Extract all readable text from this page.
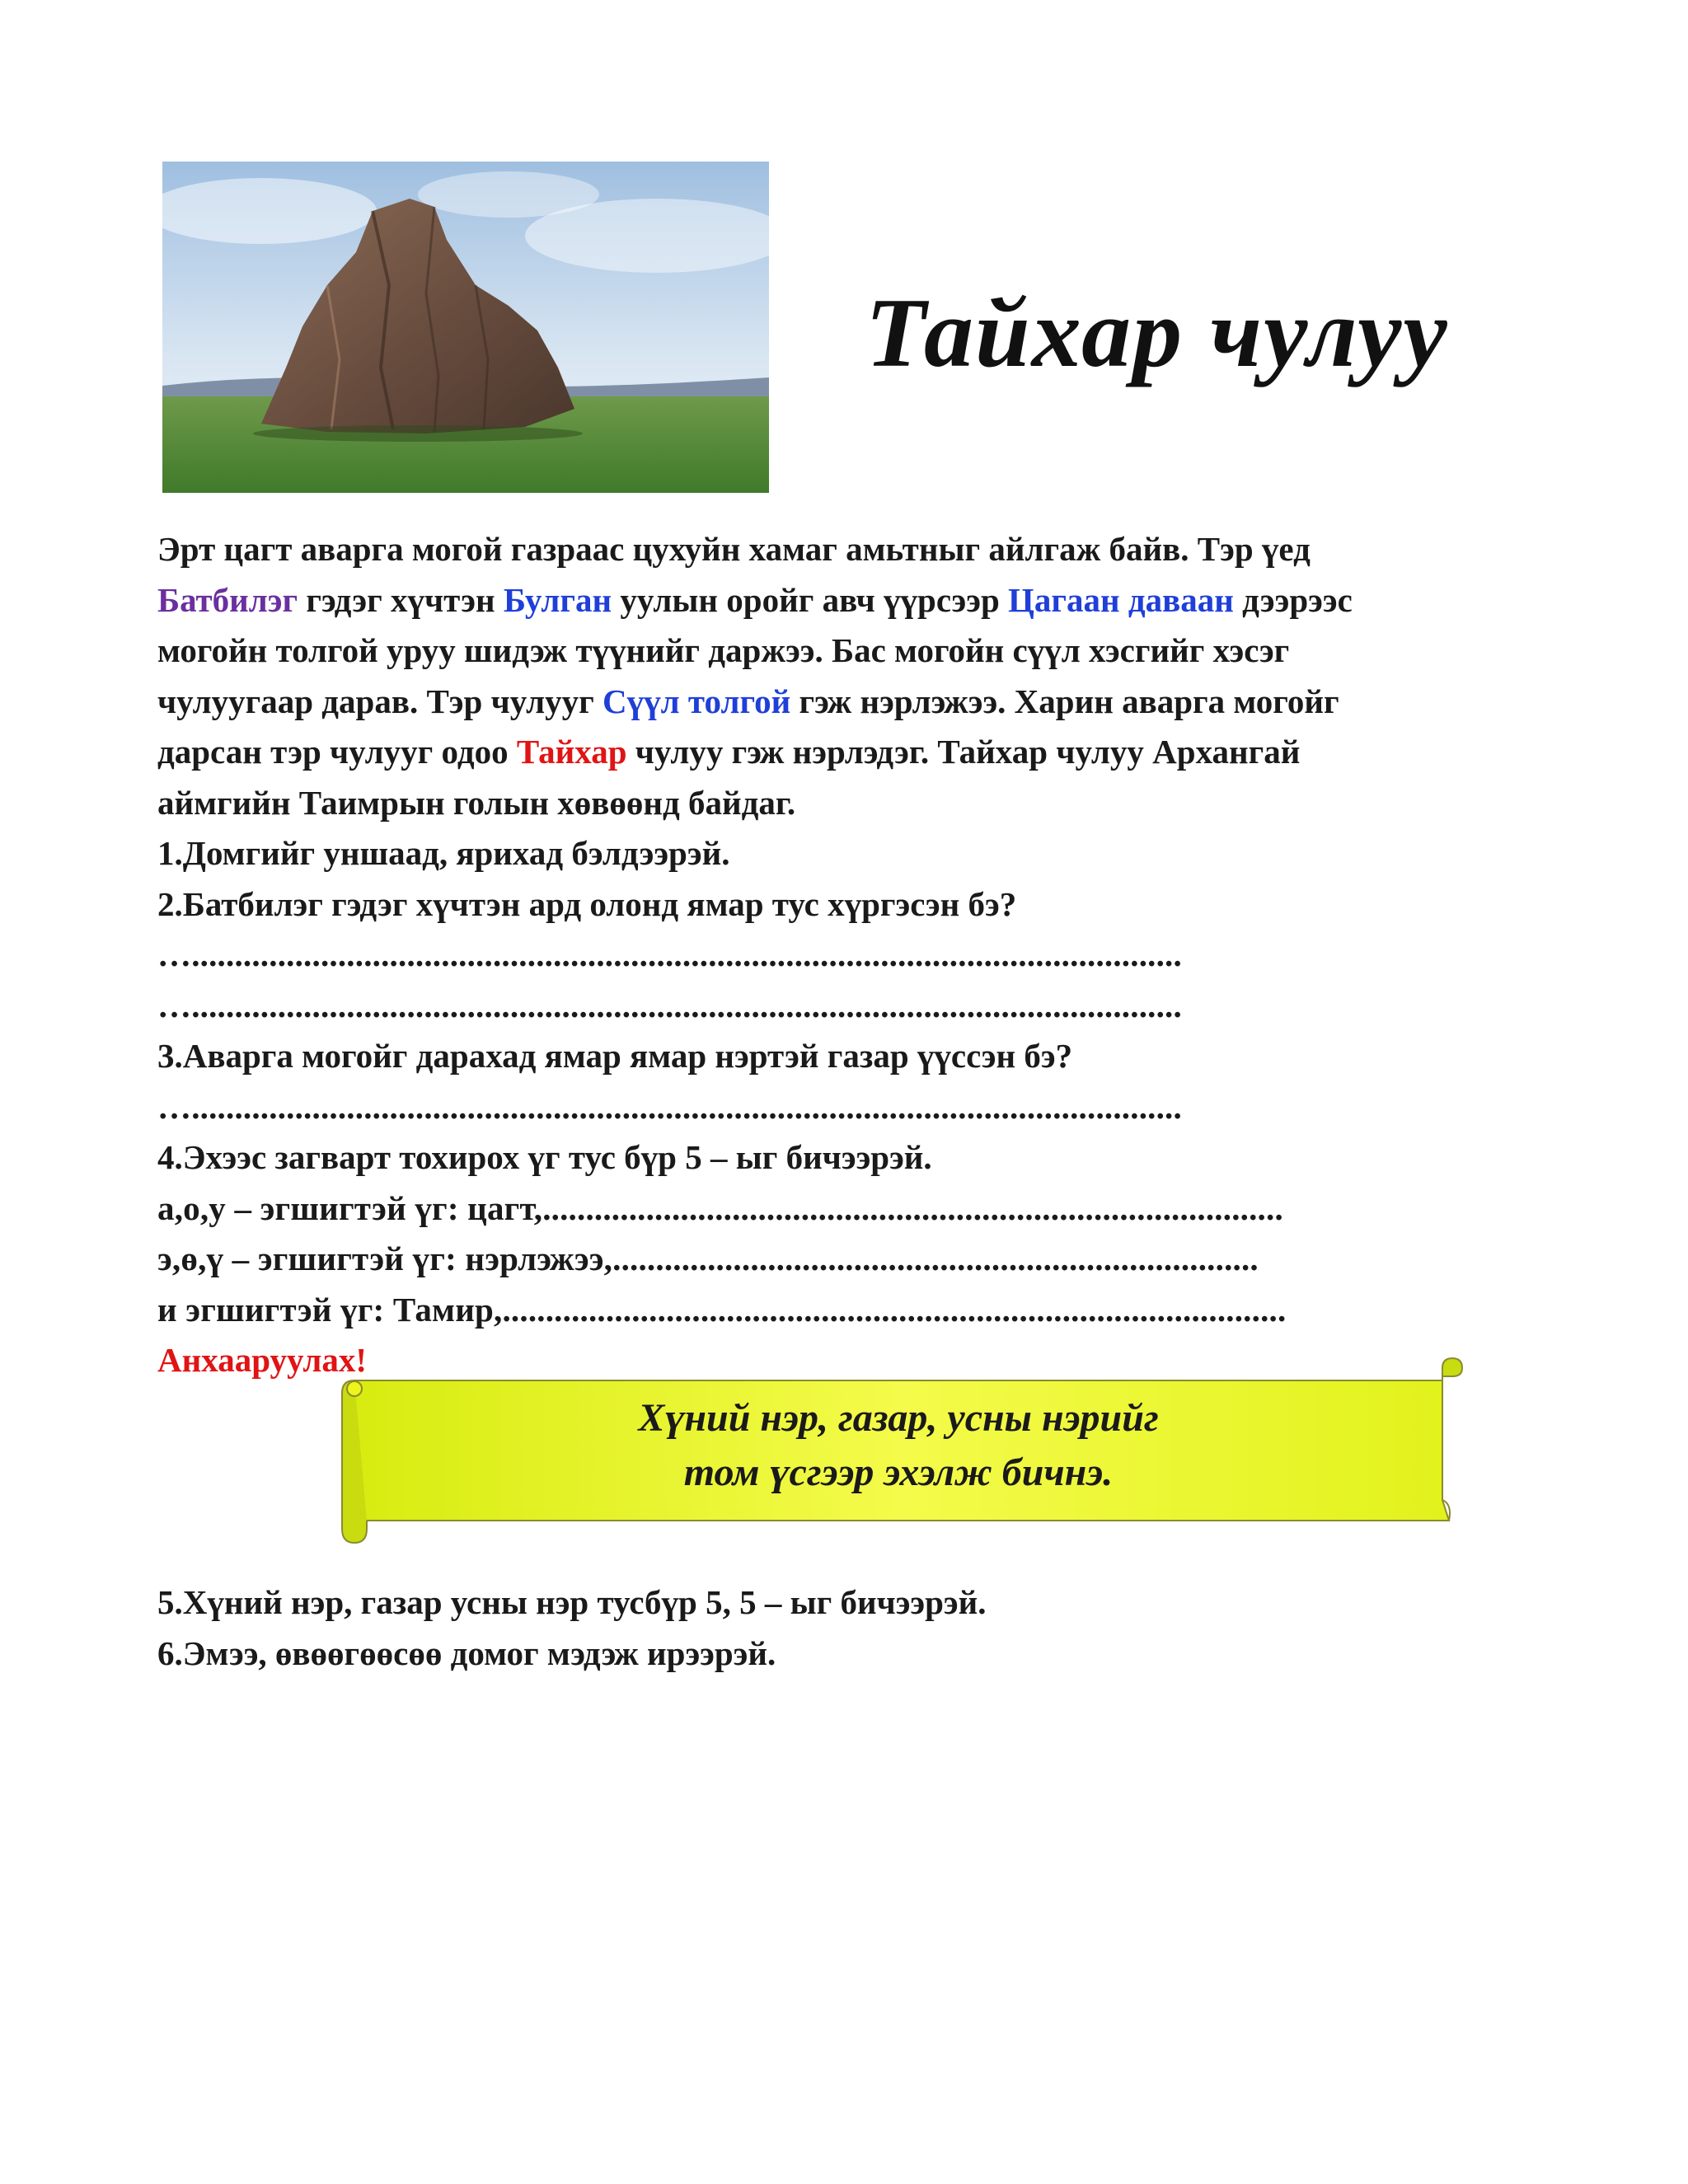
Тайхар чулуу
Эрт цагт аварга могой газраас цухуйн хамаг амьтныг айлгаж байв. Тэр үед
Батбилэг гэдэг хүчтэн Булган уулын оройг авч үүрсээр Цагаан даваан дээрээс
могойн толгой уруу шидэж түүнийг даржээ. Бас могойн сүүл хэсгийг хэсэг
чулуугаар дарав. Тэр чулууг Сүүл толгой гэж нэрлэжээ. Харин аварга могойг
дарсан тэр чулууг одоо Тайхар чулуу гэж нэрлэдэг. Тайхар чулуу Архангай
аймгийн Таимрын голын хөвөөнд байдаг.
1.Домгийг уншаад, ярихад бэлдээрэй.
2.Батбилэг гэдэг хүчтэн ард олонд ямар тус хүргэсэн бэ?
…...................................................................................................................
…...................................................................................................................
3.Аварга могойг дарахад ямар ямар нэртэй газар үүссэн бэ?
…...................................................................................................................
4.Эхээс загварт тохирох үг тус бүр 5 – ыг бичээрэй.
а,о,у – эгшигтэй үг: цагт,......................................................................................
э,ө,ү – эгшигтэй үг: нэрлэжээ,...........................................................................
и эгшигтэй үг: Тамир,...........................................................................................
Анхааруулах!
Хүний нэр, газар, усны нэрийг
том үсгээр эхэлж бичнэ.
5.Хүний нэр, газар усны нэр тусбүр 5, 5 – ыг бичээрэй.
6.Эмээ, өвөөгөөсөө домог мэдэж ирээрэй.
